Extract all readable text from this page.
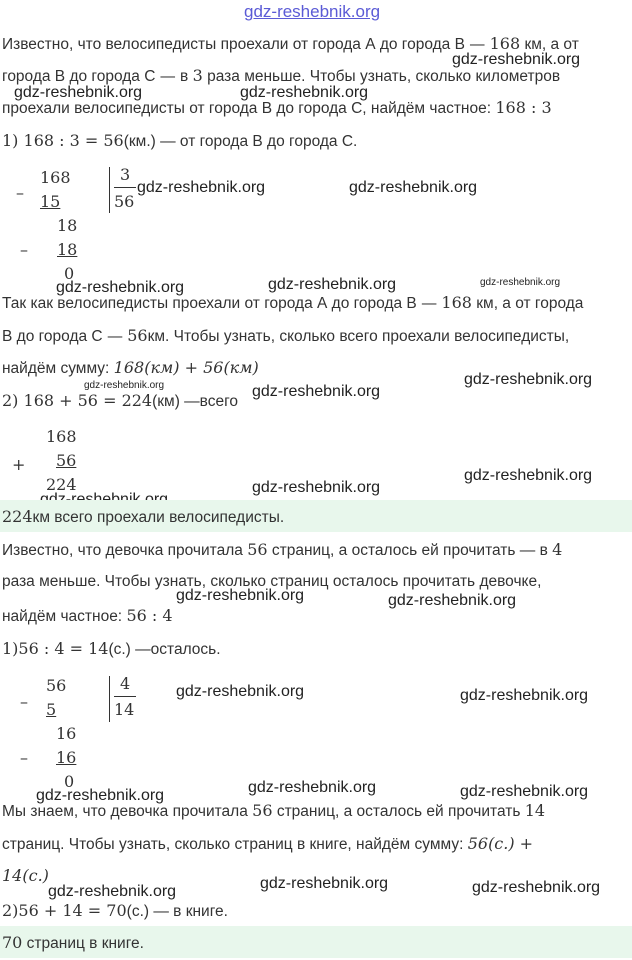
gdz-reshebnik.org
gdz-reshebnik.org
gdz-reshebnik.org	gdz-reshebnik.org
gdz-reshebnik.org	gdz-reshebnik.org
gdz-reshebnik.org	gdz-reshebnik.org	gdz-reshebnik.org
gdz-reshebnik.org	gdz-reshebnik.org
gdz-reshebnik.org
gdz-reshebnik.org
gdz-reshebnik.org
gdz-reshebnik.org	gdz-reshebnik.org
gdz-reshebnik.org	gdz-reshebnik.org
gdz-reshebnik.org	gdz-reshebnik.org
gdz-reshebnik.org
gdz-reshebnik.org	gdz-reshebnik.org	gdz-reshebnik.org
Известно, что велосипедисты проехали от города А до города В — 168 км, а от
города В до города С — в 3 раза меньше. Чтобы узнать, сколько километров
проехали велосипедисты от города В до города С, найдём частное: 168 : 3
1) 168 : 3 = 56(км.) — от города В до города С.
–
168
15
18
– 18
0
3
56
Так как велосипедисты проехали от города А до города В — 168 км, а от города
В до города С — 56км. Чтобы узнать, сколько всего проехали велосипедисты,
найдём сумму: 168(км) + 56(км)
2) 168 + 56 = 224(км) —всего
168
+ 56
224
224км всего проехали велосипедисты.
Известно, что девочка прочитала 56 страниц, а осталось ей прочитать — в 4
раза меньше. Чтобы узнать, сколько страниц осталось прочитать девочке,
найдём частное: 56 : 4
1)56 : 4 = 14(с.) —осталось.
–
56
5
16
– 16
0
4
14
Мы знаем, что девочка прочитала 56 страниц, а осталось ей прочитать 14
страниц. Чтобы узнать, сколько страниц в книге, найдём сумму: 56(с.) +
14(с.)
2)56 + 14 = 70(с.) — в книге.
70 страниц в книге.
